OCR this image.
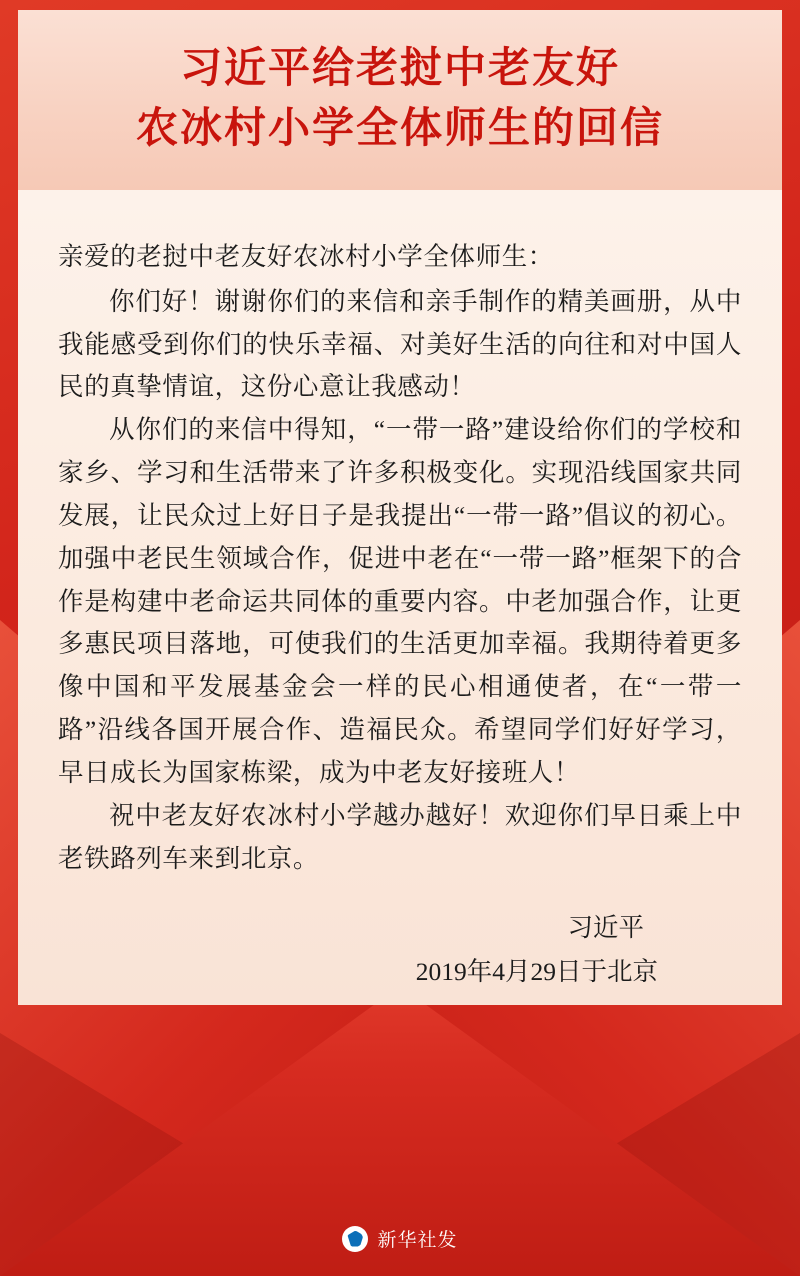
习近平给老挝中老友好
农冰村小学全体师生的回信

亲爱的老挝中老友好农冰村小学全体师生：

你们好！谢谢你们的来信和亲手制作的精美画册，从中我能感受到你们的快乐幸福、对美好生活的向往和对中国人民的真挚情谊，这份心意让我感动！

从你们的来信中得知，“一带一路”建设给你们的学校和家乡、学习和生活带来了许多积极变化。实现沿线国家共同发展，让民众过上好日子是我提出“一带一路”倡议的初心。加强中老民生领域合作，促进中老在“一带一路”框架下的合作是构建中老命运共同体的重要内容。中老加强合作，让更多惠民项目落地，可使我们的生活更加幸福。我期待着更多像中国和平发展基金会一样的民心相通使者，在“一带一路”沿线各国开展合作、造福民众。希望同学们好好学习，早日成长为国家栋梁，成为中老友好接班人！

祝中老友好农冰村小学越办越好！欢迎你们早日乘上中老铁路列车来到北京。

习近平
2019年4月29日于北京
新华社发
